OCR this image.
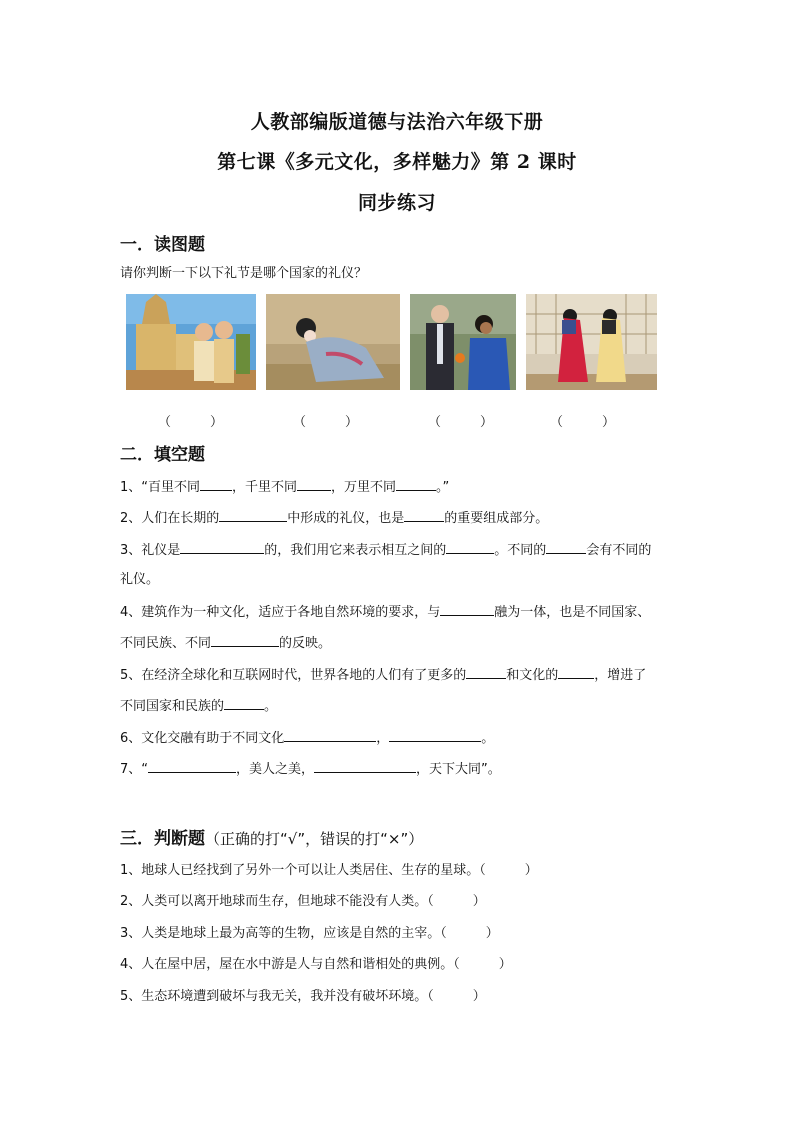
人教部编版道德与法治六年级下册
第七课《多元文化，多样魅力》第 2 课时
同步练习
一．读图题
请你判断一下以下礼节是哪个国家的礼仪？
（　　　）	（　　　）	（　　　）	（　　　）
二．填空题
1、“百里不同 ，千里不同	，万里不同	。”
2、人们在长期的	中形成的礼仪，也是	的重要组成部分。
3、礼仪是	的，我们用它来表示相互之间的	。不同的	会有不同的
礼仪。
4、建筑作为一种文化，适应于各地自然环境的要求，与	融为一体，也是不同国家、
不同民族、不同	的反映。
5、在经济全球化和互联网时代，世界各地的人们有了更多的	和文化的	，增进了
不同国家和民族的	。
6、文化交融有助于不同文化	，	。
7、“	，美人之美，	，天下大同”。
三．判断题（正确的打“√”，错误的打“×”）
1、地球人已经找到了另外一个可以让人类居住、生存的星球。（　　　）
2、人类可以离开地球而生存，但地球不能没有人类。（　　　）
3、人类是地球上最为高等的生物，应该是自然的主宰。（　　　）
4、人在屋中居，屋在水中游是人与自然和谐相处的典例。（　　　）
5、生态环境遭到破坏与我无关，我并没有破坏环境。（　　　）
